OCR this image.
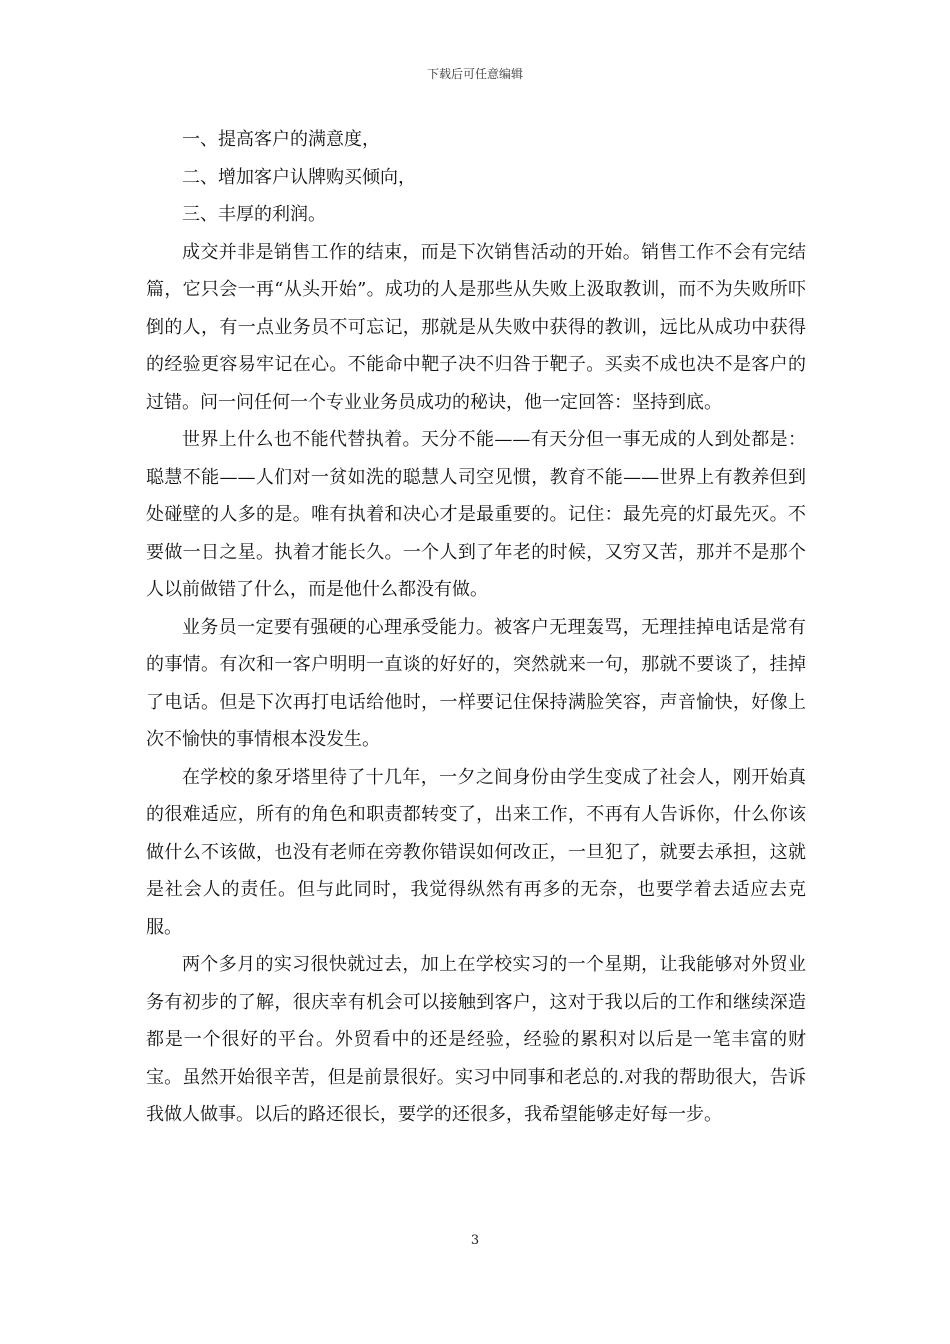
下载后可任意编辑

一、提高客户的满意度，

二、增加客户认牌购买倾向，

三、丰厚的利润。

成交并非是销售工作的结束，而是下次销售活动的开始。销售工作不会有完结篇，它只会一再“从头开始”。成功的人是那些从失败上汲取教训，而不为失败所吓倒的人，有一点业务员不可忘记，那就是从失败中获得的教训，远比从成功中获得的经验更容易牢记在心。不能命中靶子决不归咎于靶子。买卖不成也决不是客户的过错。问一问任何一个专业业务员成功的秘诀，他一定回答：坚持到底。

世界上什么也不能代替执着。天分不能——有天分但一事无成的人到处都是：聪慧不能——人们对一贫如洗的聪慧人司空见惯，教育不能——世界上有教养但到处碰壁的人多的是。唯有执着和决心才是最重要的。记住：最先亮的灯最先灭。不要做一日之星。执着才能长久。一个人到了年老的时候，又穷又苦，那并不是那个人以前做错了什么，而是他什么都没有做。

业务员一定要有强硬的心理承受能力。被客户无理轰骂，无理挂掉电话是常有的事情。有次和一客户明明一直谈的好好的，突然就来一句，那就不要谈了，挂掉了电话。但是下次再打电话给他时，一样要记住保持满脸笑容，声音愉快，好像上次不愉快的事情根本没发生。

在学校的象牙塔里待了十几年，一夕之间身份由学生变成了社会人，刚开始真的很难适应，所有的角色和职责都转变了，出来工作，不再有人告诉你，什么你该做什么不该做，也没有老师在旁教你错误如何改正，一旦犯了，就要去承担，这就是社会人的责任。但与此同时，我觉得纵然有再多的无奈，也要学着去适应去克服。

两个多月的实习很快就过去，加上在学校实习的一个星期，让我能够对外贸业务有初步的了解，很庆幸有机会可以接触到客户，这对于我以后的工作和继续深造都是一个很好的平台。外贸看中的还是经验，经验的累积对以后是一笔丰富的财宝。虽然开始很辛苦，但是前景很好。实习中同事和老总的.对我的帮助很大，告诉我做人做事。以后的路还很长，要学的还很多，我希望能够走好每一步。

3
